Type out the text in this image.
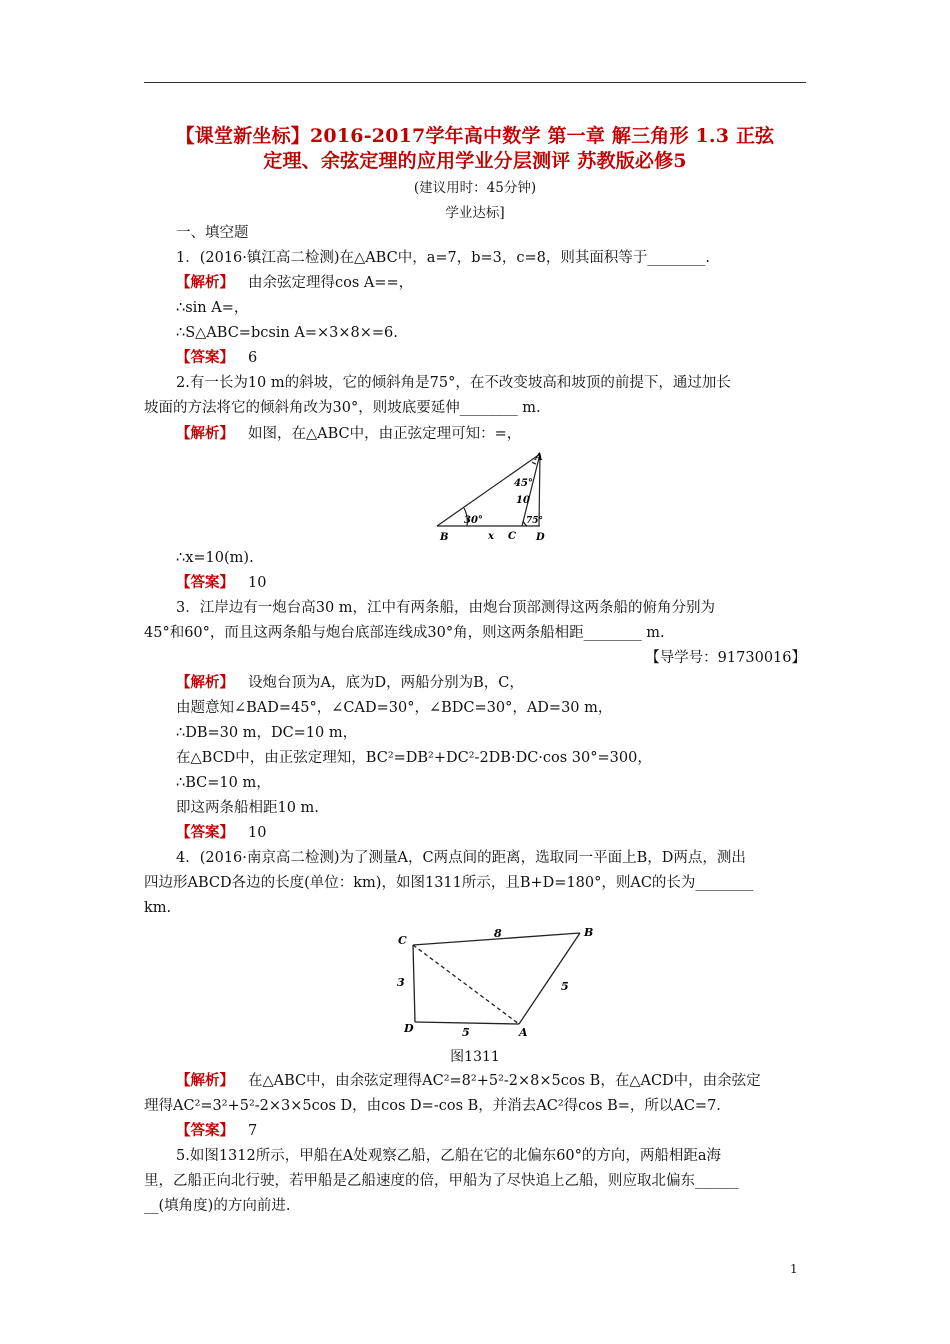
【课堂新坐标】2016-2017学年高中数学 第一章 解三角形 1.3 正弦
定理、余弦定理的应用学业分层测评 苏教版必修5
(建议用时：45分钟)
学业达标]
一、填空题
1．(2016·镇江高二检测)在△ABC中，a=7，b=3，c=8，则其面积等于________.
【解析】 由余弦定理得cos A==，
∴sin A=，
∴S△ABC=bcsin A=×3×8×=6.
【答案】 6
2.有一长为10 m的斜坡，它的倾斜角是75°，在不改变坡高和坡顶的前提下，通过加长
坡面的方法将它的倾斜角改为30°，则坡底要延伸________ m.
【解析】 如图，在△ABC中，由正弦定理可知：=，
A
45°
10
30°	75°
B	x C D
∴x=10(m).
【答案】 10
3．江岸边有一炮台高30 m，江中有两条船，由炮台顶部测得这两条船的俯角分别为
45°和60°，而且这两条船与炮台底部连线成30°角，则这两条船相距________ m.
【导学号：91730016】
【解析】 设炮台顶为A，底为D，两船分别为B，C，
由题意知∠BAD=45°，∠CAD=30°，∠BDC=30°，AD=30 m，
∴DB=30 m，DC=10 m，
在△BCD中，由正弦定理知，BC²=DB²+DC²-2DB·DC·cos 30°=300，
∴BC=10 m，
即这两条船相距10 m.
【答案】 10
4．(2016·南京高二检测)为了测量A，C两点间的距离，选取同一平面上B，D两点，测出
四边形ABCD各边的长度(单位：km)，如图1311所示，且B+D=180°，则AC的长为________
km.
C
B
D	A
8
3
5
5
图1311
【解析】 在△ABC中，由余弦定理得AC²=8²+5²-2×8×5cos B，在△ACD中，由余弦定
理得AC²=3²+5²-2×3×5cos D，由cos D=-cos B，并消去AC²得cos B=，所以AC=7.
【答案】 7
5.如图1312所示，甲船在A处观察乙船，乙船在它的北偏东60°的方向，两船相距a海
里，乙船正向北行驶，若甲船是乙船速度的倍，甲船为了尽快追上乙船，则应取北偏东______
__(填角度)的方向前进.
1
